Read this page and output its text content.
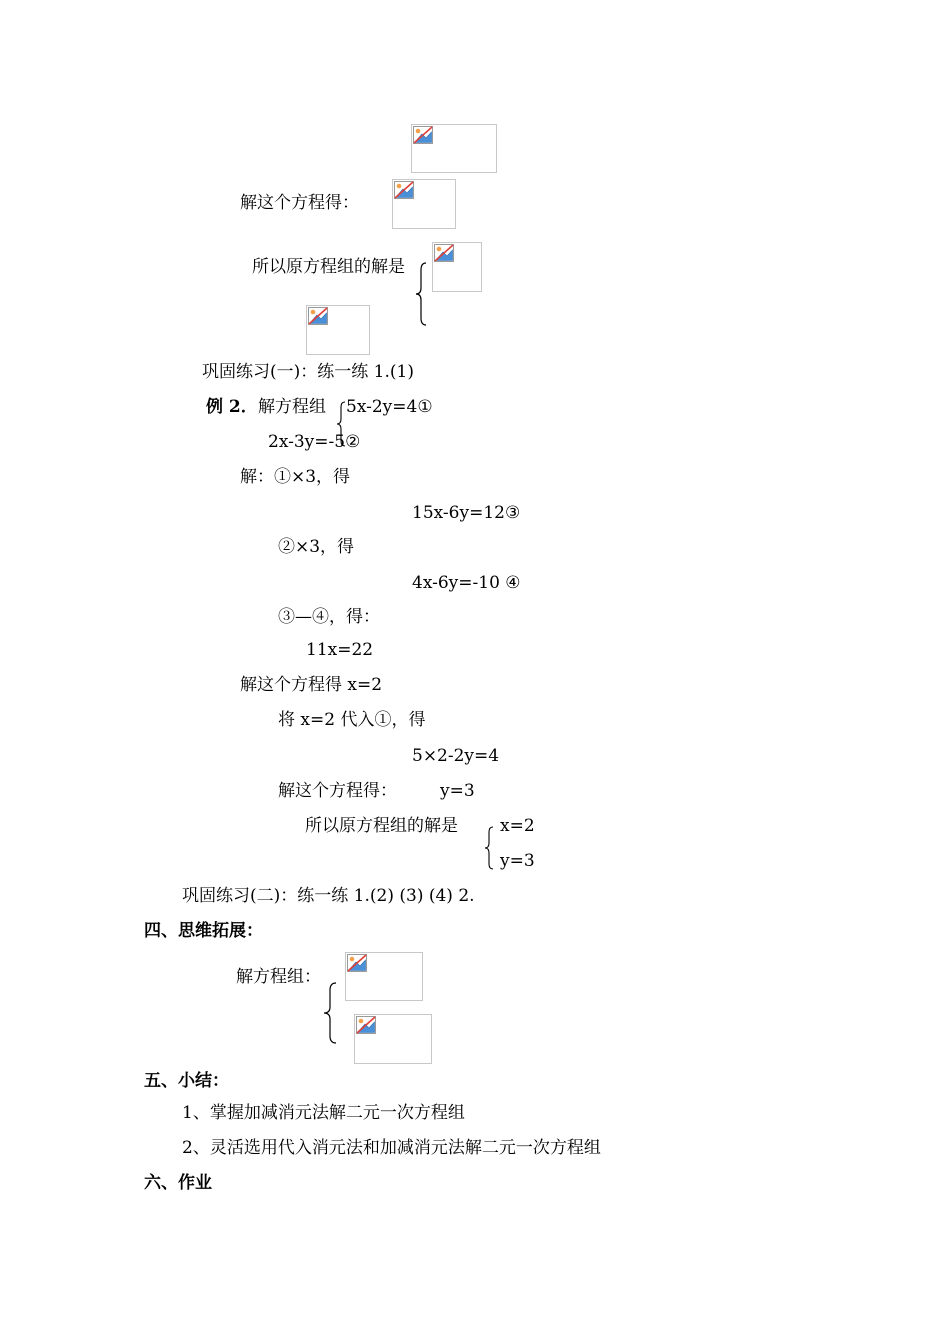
解这个方程得：
所以原方程组的解是
巩固练习(一)：练一练 1.(1)
例 2． 解方程组 5x-2y=4①
2x-3y=-5②
解：①×3，得
15x-6y=12③
②×3，得
4x-6y=-10 ④
③—④，得：
11x=22
解这个方程得 x=2
将 x=2 代入①，得
5×2-2y=4
解这个方程得：	y=3
所以原方程组的解是 x=2
y=3
巩固练习(二)：练一练 1.(2) (3) (4) 2.
四、思维拓展：
解方程组：
五、小结：
1、掌握加减消元法解二元一次方程组
2、灵活选用代入消元法和加减消元法解二元一次方程组
六、作业
